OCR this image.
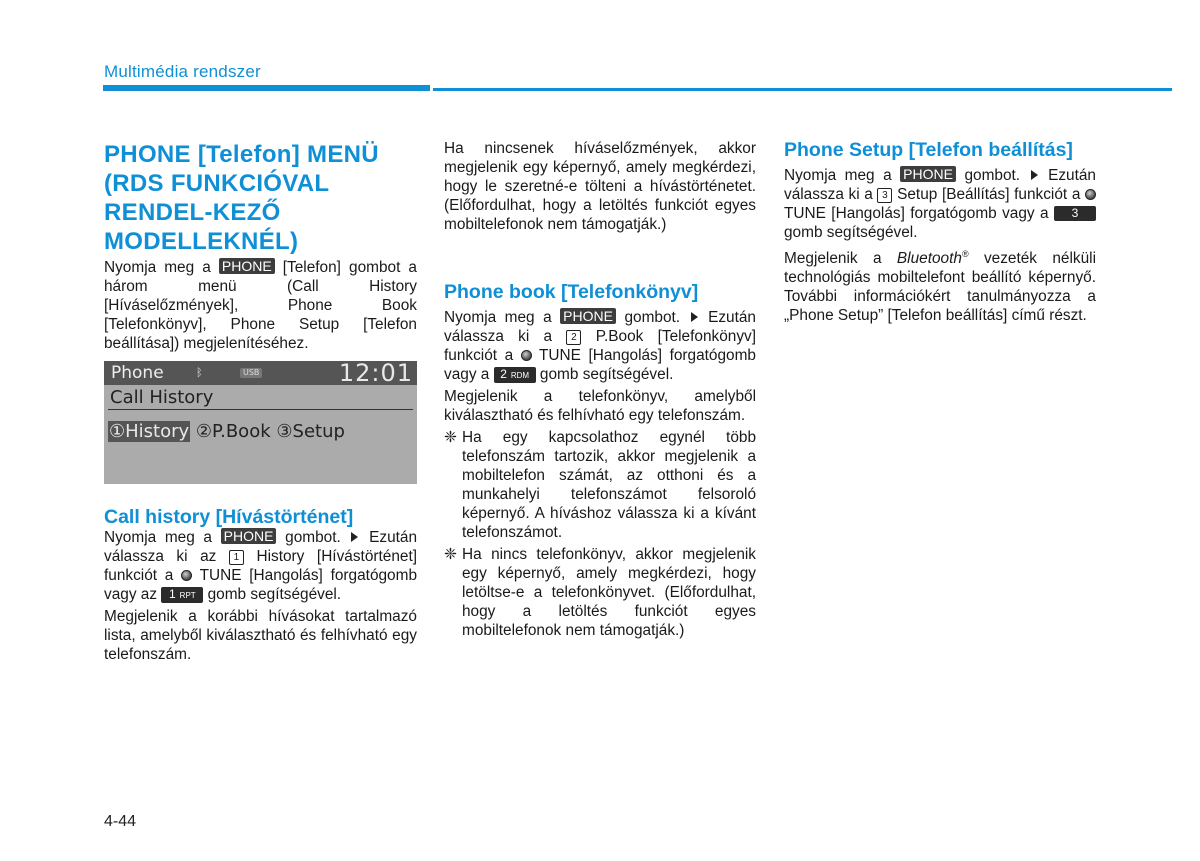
Multimédia rendszer
PHONE [Telefon] MENÜ (RDS FUNKCIÓVAL RENDEL-KEZŐ MODELLEKNÉL)

Nyomja meg a PHONE [Telefon] gombot a három menü (Call History [Híváselőzmények], Phone Book [Telefonkönyv], Phone Setup [Telefon beállítása]) megjelenítéséhez.

Call history [Hívástörténet]

Nyomja meg a PHONE gombot. Ezután válassza ki az 1 History [Hívástörténet] funkciót a TUNE [Hangolás] forgatógomb vagy az 1 RPT gomb segítségével.

Megjelenik a korábbi hívásokat tartalmazó lista, amelyből kiválasztható és felhívható egy telefonszám.

Phone	ᛒ	USB	12:01
Call History
①History ②P.Book ③Setup

Ha nincsenek híváselőzmények, akkor megjelenik egy képernyő, amely megkérdezi, hogy le szeretné-e tölteni a hívástörténetet. (Előfordulhat, hogy a letöltés funkciót egyes mobiltelefonok nem támogatják.)

Phone book [Telefonkönyv]

Nyomja meg a PHONE gombot. Ezután válassza ki a 2 P.Book [Telefonkönyv] funkciót a TUNE [Hangolás] forgatógomb vagy a 2 RDM gomb segítségével.

Megjelenik a telefonkönyv, amelyből kiválasztható és felhívható egy telefonszám.

❈ Ha egy kapcsolathoz egynél több telefonszám tartozik, akkor megjelenik a mobiltelefon számát, az otthoni és a munkahelyi telefonszámot felsoroló képernyő. A híváshoz válassza ki a kívánt telefonszámot.
❈ Ha nincs telefonkönyv, akkor megjelenik egy képernyő, amely megkérdezi, hogy letöltse-e a telefonkönyvet. (Előfordulhat, hogy a letöltés funkciót egyes mobiltelefonok nem támogatják.)
Phone Setup [Telefon beállítás]

Nyomja meg a PHONE gombot. Ezután válassza ki a 3 Setup [Beállítás] funkciót a  TUNE [Hangolás] forgatógomb vagy a 3 gomb segítségével.

Megjelenik a Bluetooth® vezeték nélküli technológiás mobiltelefont beállító képernyő. További információkért tanulmányozza a „Phone Setup” [Telefon beállítás] című részt.

4-44
